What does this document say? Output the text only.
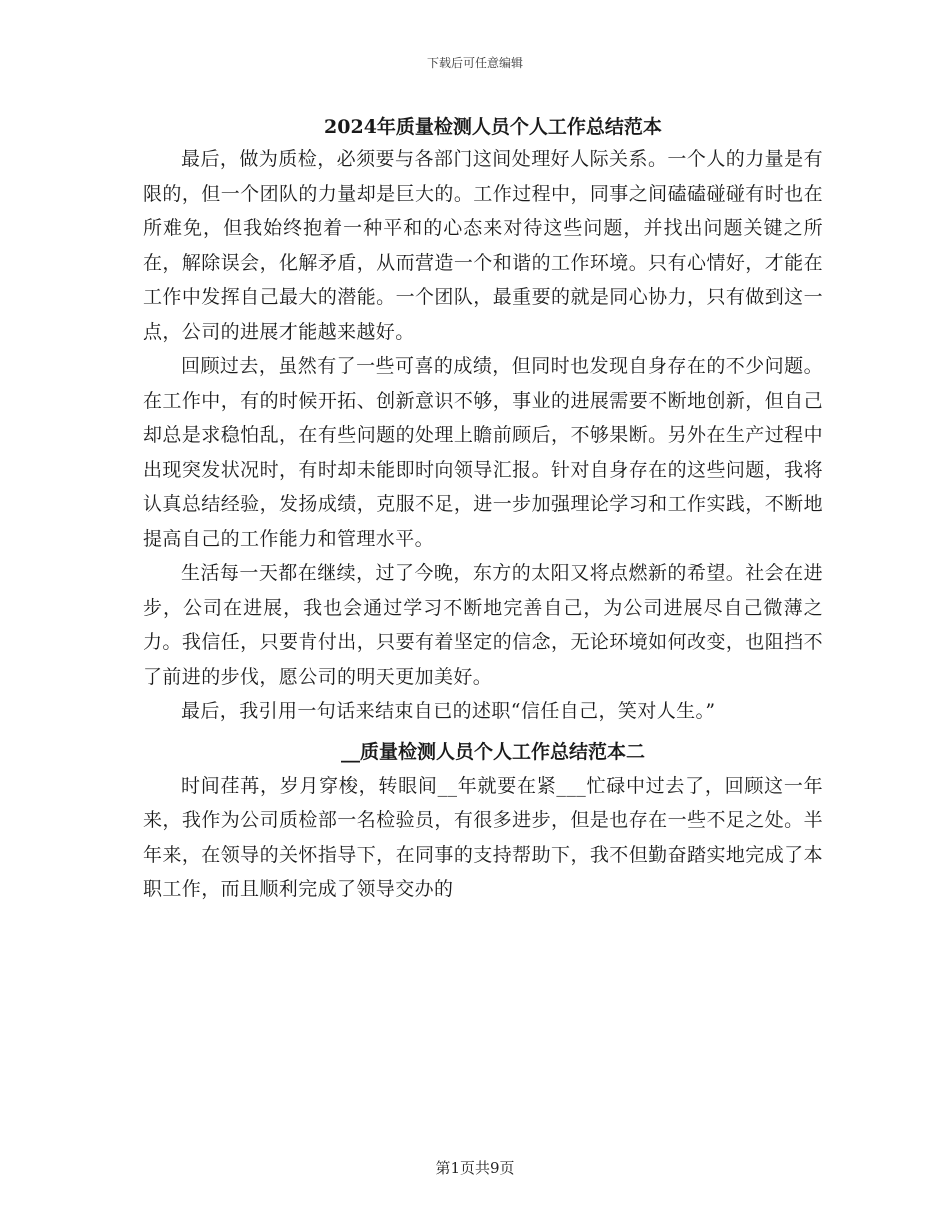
下载后可任意编辑
2024年质量检测人员个人工作总结范本

最后，做为质检，必须要与各部门这间处理好人际关系。一个人的力量是有限的，但一个团队的力量却是巨大的。工作过程中，同事之间磕磕碰碰有时也在所难免，但我始终抱着一种平和的心态来对待这些问题，并找出问题关键之所在，解除误会，化解矛盾，从而营造一个和谐的工作环境。只有心情好，才能在工作中发挥自己最大的潜能。一个团队，最重要的就是同心协力，只有做到这一点，公司的进展才能越来越好。

回顾过去，虽然有了一些可喜的成绩，但同时也发现自身存在的不少问题。在工作中，有的时候开拓、创新意识不够，事业的进展需要不断地创新，但自己却总是求稳怕乱，在有些问题的处理上瞻前顾后，不够果断。另外在生产过程中出现突发状况时，有时却未能即时向领导汇报。针对自身存在的这些问题，我将认真总结经验，发扬成绩，克服不足，进一步加强理论学习和工作实践，不断地提高自己的工作能力和管理水平。

生活每一天都在继续，过了今晚，东方的太阳又将点燃新的希望。社会在进步，公司在进展，我也会通过学习不断地完善自己，为公司进展尽自己微薄之力。我信任，只要肯付出，只要有着坚定的信念，无论环境如何改变，也阻挡不了前进的步伐，愿公司的明天更加美好。

最后，我引用一句话来结束自已的述职“信任自己，笑对人生。”

__质量检测人员个人工作总结范本二

时间荏苒，岁月穿梭，转眼间__年就要在紧___忙碌中过去了，回顾这一年来，我作为公司质检部一名检验员，有很多进步，但是也存在一些不足之处。半年来，在领导的关怀指导下，在同事的支持帮助下，我不但勤奋踏实地完成了本职工作，而且顺利完成了领导交办的

第1页共9页
